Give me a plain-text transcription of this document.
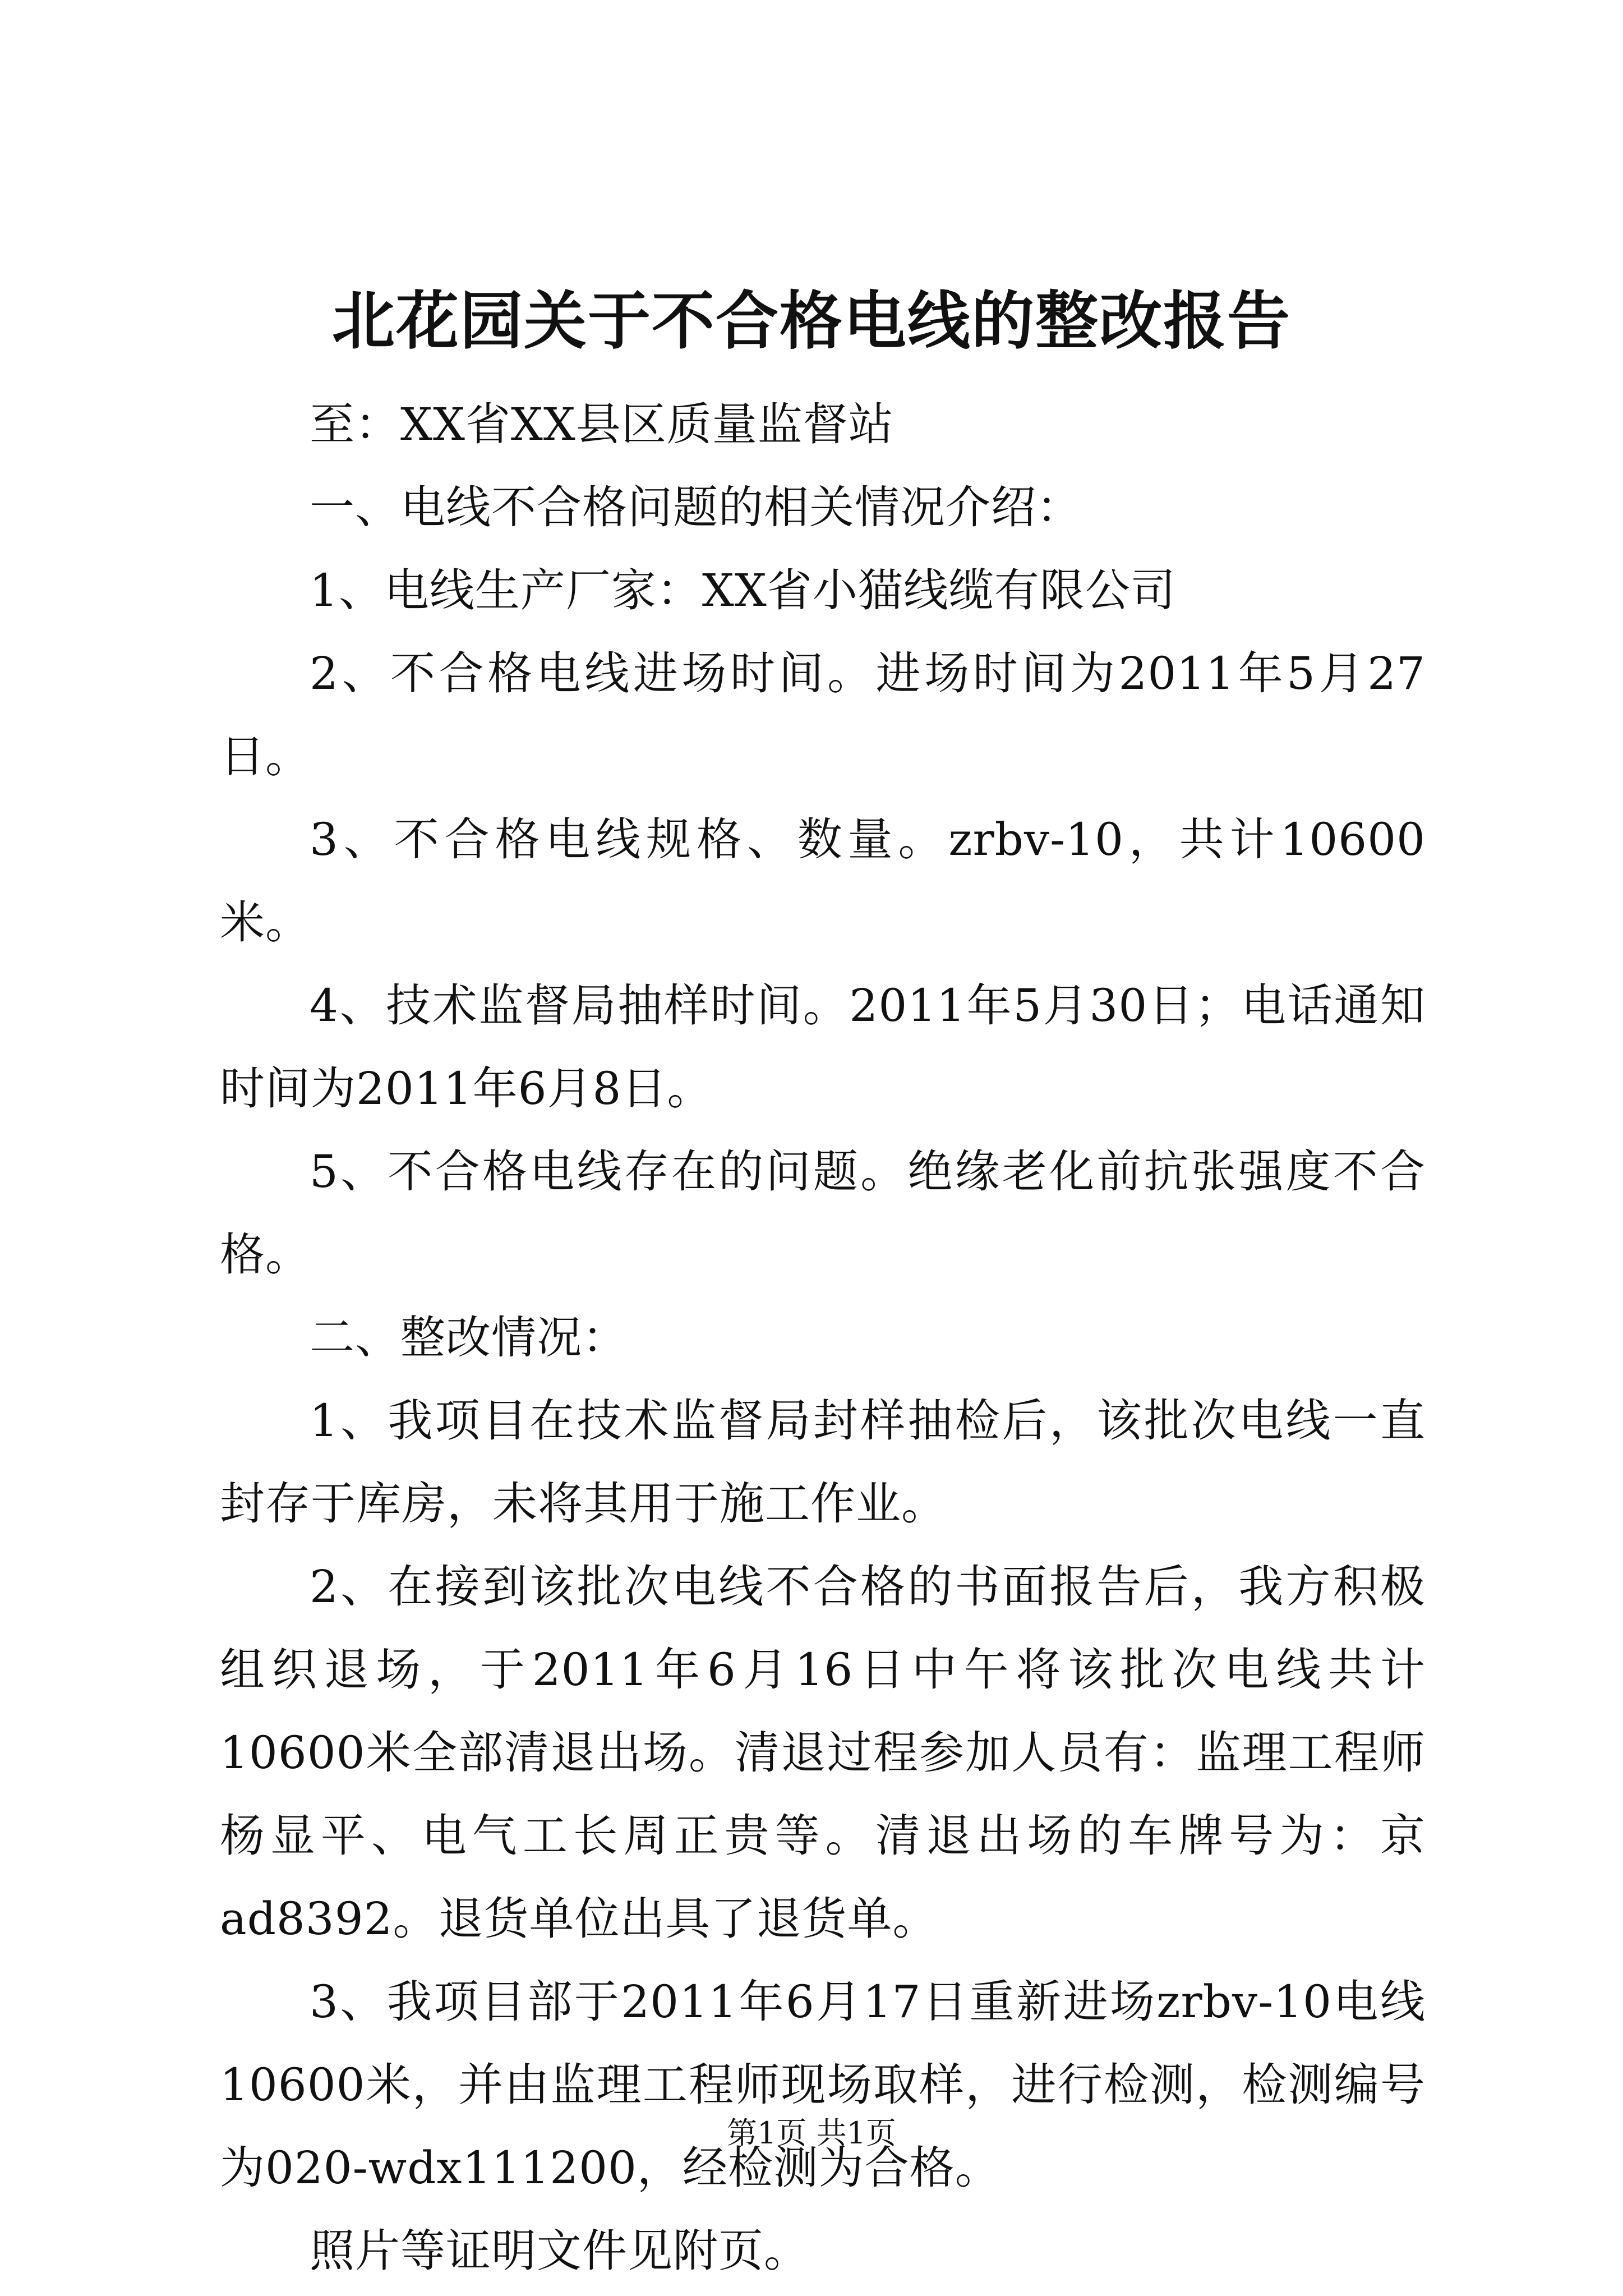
北花园关于不合格电线的整改报告

至：XX省XX县区质量监督站

一、电线不合格问题的相关情况介绍：

1、电线生产厂家：XX省小猫线缆有限公司

2、不合格电线进场时间。进场时间为2011年5月27日。

3、不合格电线规格、数量。zrbv-10，共计10600米。

4、技术监督局抽样时间。2011年5月30日；电话通知时间为2011年6月8日。

5、不合格电线存在的问题。绝缘老化前抗张强度不合格。

二、整改情况：

1、我项目在技术监督局封样抽检后，该批次电线一直封存于库房，未将其用于施工作业。

2、在接到该批次电线不合格的书面报告后，我方积极组织退场，于2011年6月16日中午将该批次电线共计10600米全部清退出场。清退过程参加人员有：监理工程师杨显平、电气工长周正贵等。清退出场的车牌号为：京ad8392。退货单位出具了退货单。

3、我项目部于2011年6月17日重新进场zrbv-10电线10600米，并由监理工程师现场取样，进行检测，检测编号为020-wdx111200，经检测为合格。

照片等证明文件见附页。

第1页 共1页
